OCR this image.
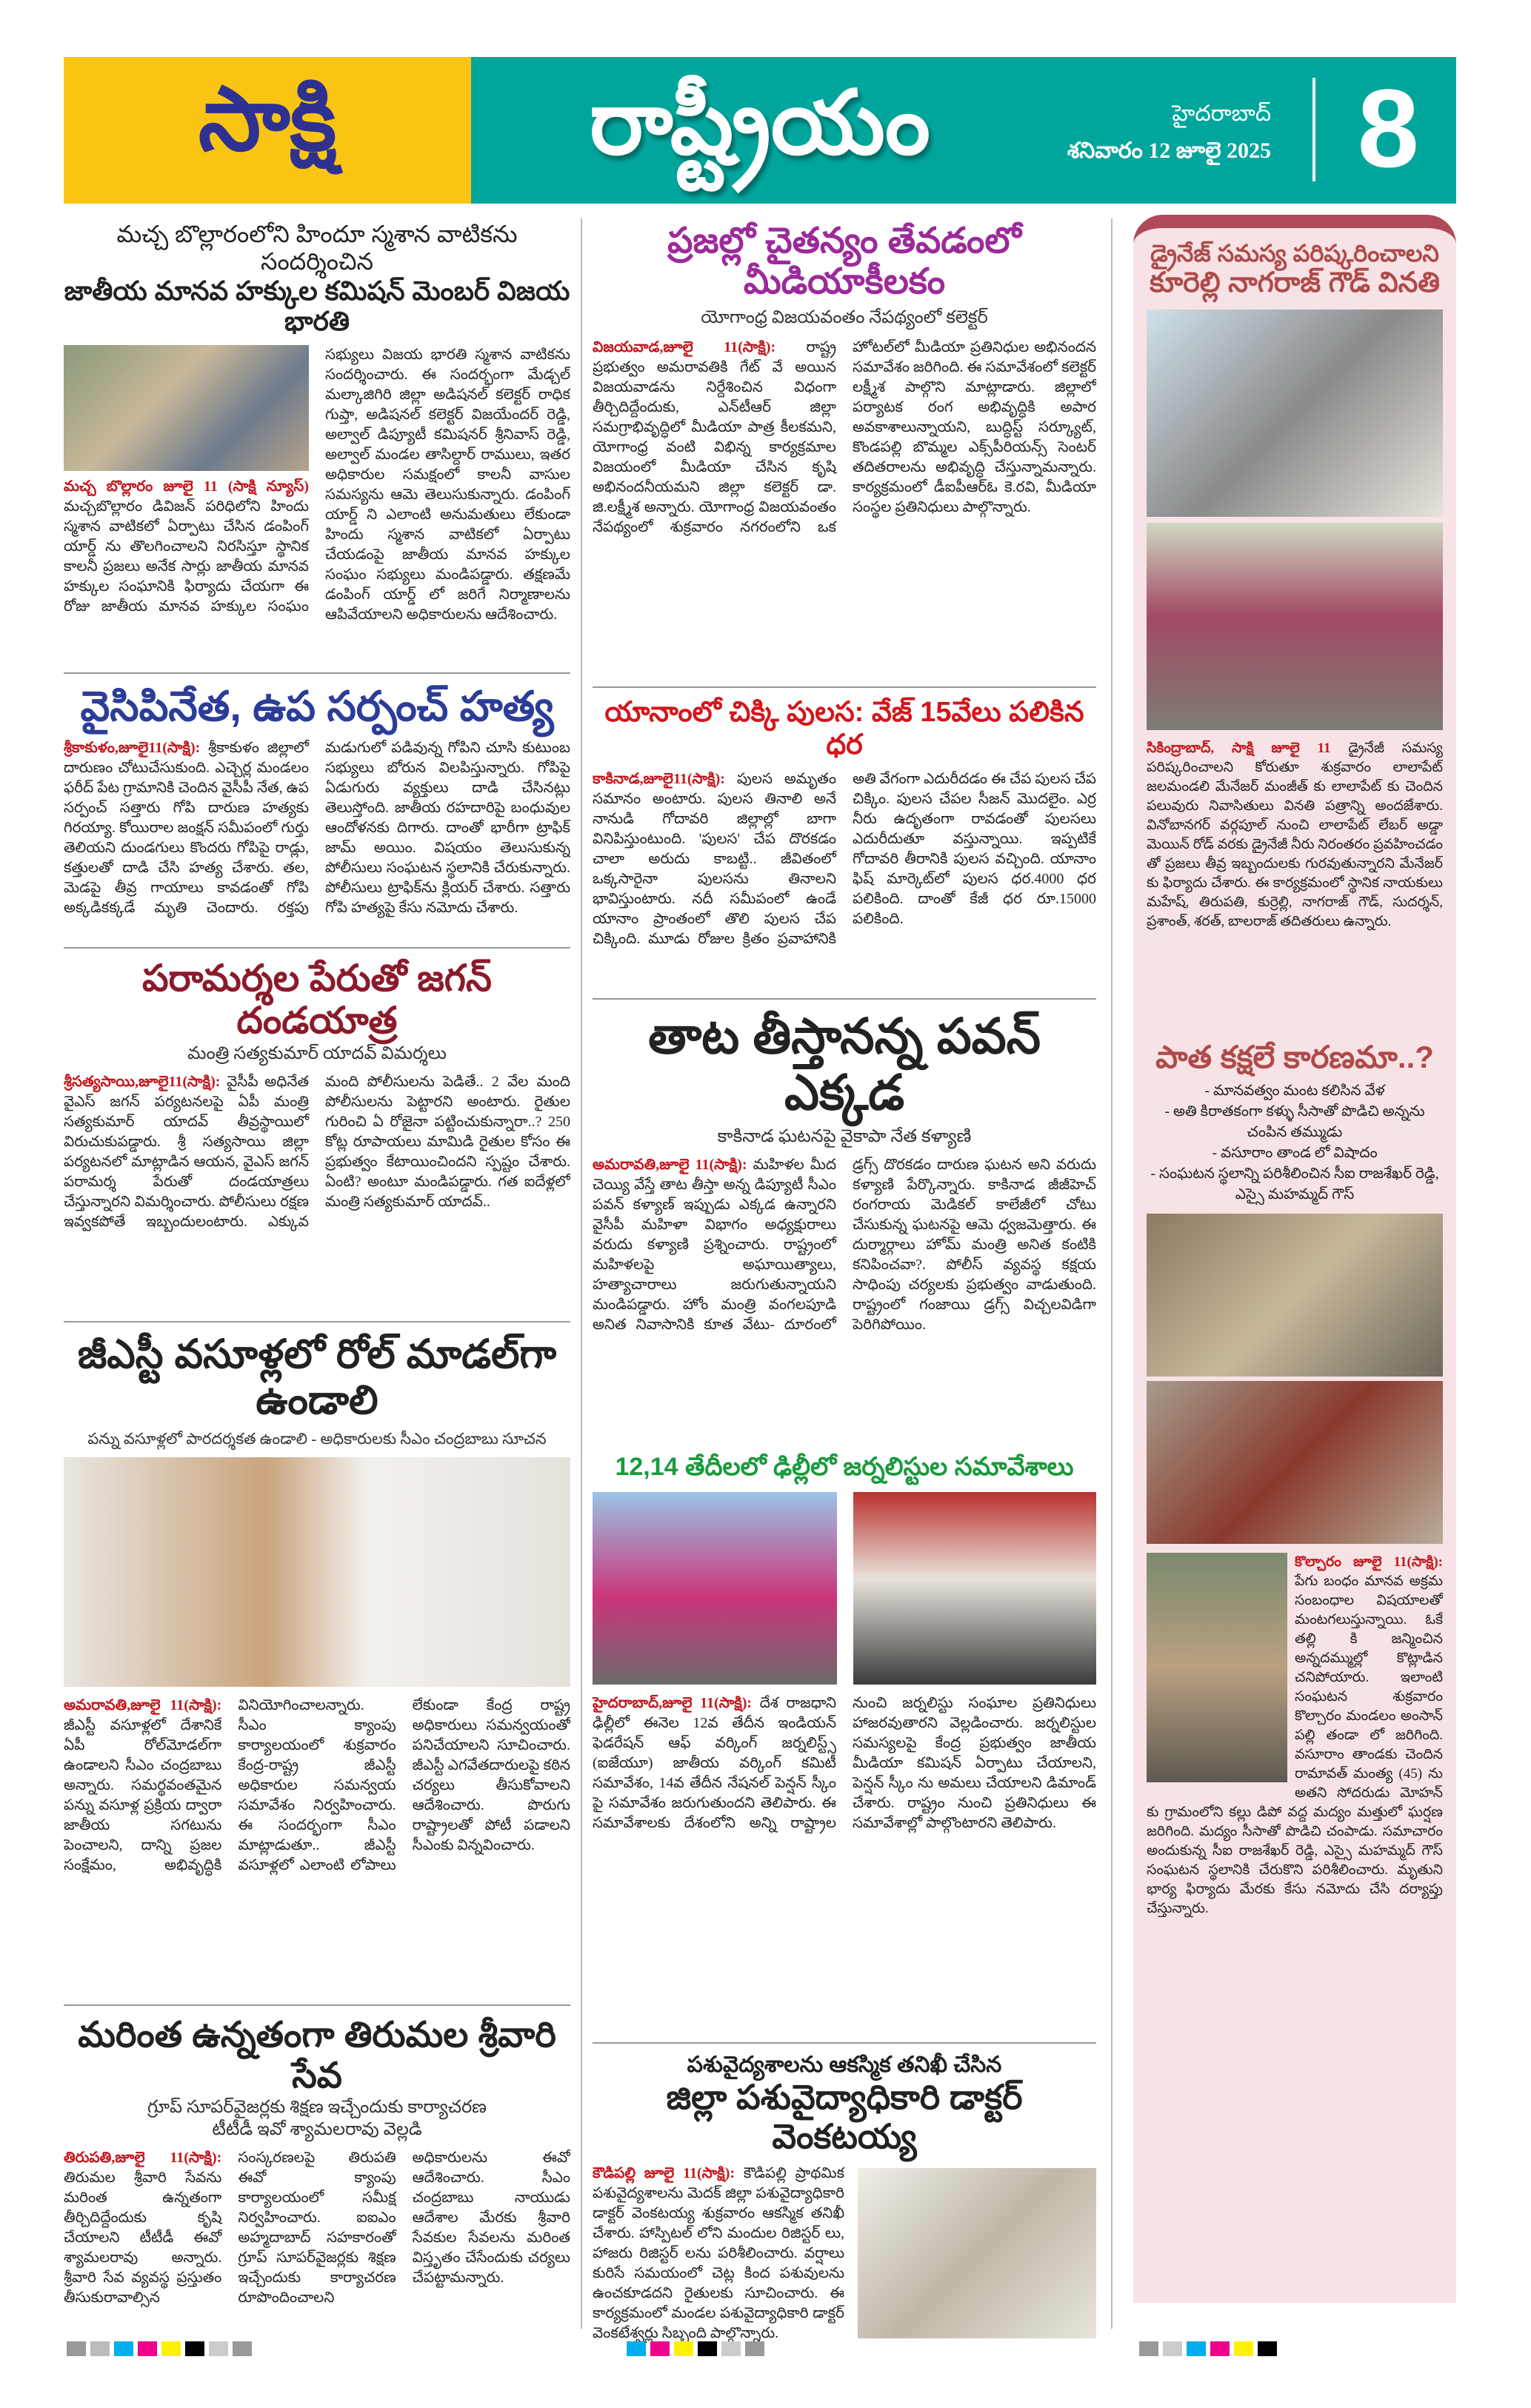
సాక్షి	రాష్ట్రీయం	హైదరాబాద్
శనివారం 12 జూలై 2025 8
మచ్చ బొల్లారంలోని హిందూ స్మశాన వాటికను సందర్శించిన
జాతీయ మానవ హక్కుల కమిషన్ మెంబర్ విజయ భారతి
మచ్చ బొల్లారం జూలై 11 (సాక్షి న్యూస్) మచ్చబొల్లారం డివిజన్ పరిధిలోని హిందు స్మశాన వాటికలో ఏర్పాటు చేసిన డంపింగ్ యార్డ్ ను తొలగించాలని నిరసిస్తూ స్థానిక కాలనీ ప్రజలు అనేక సార్లు జాతీయ మానవ హక్కుల సంఘానికి ఫిర్యాదు చేయగా ఈ రోజు జాతీయ మానవ హక్కుల సంఘం సభ్యులు విజయ భారతి స్మశాన వాటికను సందర్శించారు. ఈ సందర్భంగా మేడ్చల్ మల్కాజిగిరి జిల్లా అడిషనల్ కలెక్టర్ రాధిక గుప్తా, అడిషనల్ కలెక్టర్ విజయేందర్ రెడ్డి, అల్వాల్ డిప్యూటీ కమిషనర్ శ్రీనివాస్ రెడ్డి, అల్వాల్ మండల తాసిల్దార్ రాములు, ఇతర అధికారుల సమక్షంలో కాలనీ వాసుల సమస్యను ఆమె తెలుసుకున్నారు. డంపింగ్ యార్డ్ ని ఎలాంటి అనుమతులు లేకుండా హిందు స్మశాన వాటికలో ఏర్పాటు చేయడంపై జాతీయ మానవ హక్కుల సంఘం సభ్యులు మండిపడ్డారు. తక్షణమే డంపింగ్ యార్డ్ లో జరిగే నిర్మాణాలను ఆపివేయాలని అధికారులను ఆదేశించారు.
వైసిపినేత, ఉప సర్పంచ్ హత్య
శ్రీకాకుళం,జూలై11(సాక్షి): శ్రీకాకుళం జిల్లాలో దారుణం చోటుచేసుకుంది. ఎచ్చెర్ల మండలం ఫరీద్ పేట గ్రామానికి చెందిన వైసీపీ నేత, ఉప సర్పంచ్ సత్తారు గోపి దారుణ హత్యకు గిరయ్యా. కోయిరాల జంక్షన్ సమీపంలో గుర్తు తెలియని దుండగులు కొందరు గోపిపై రాడ్లు, కత్తులతో దాడి చేసి హత్య చేశారు. తల, మెడపై తీవ్ర గాయాలు కావడంతో గోపి అక్కడికక్కడే మృతి చెందారు. రక్తపు మడుగులో పడివున్న గోపిని చూసి కుటుంబ సభ్యులు బోరున విలపిస్తున్నారు. గోపిపై ఏడుగురు వ్యక్తులు దాడి చేసినట్లు తెలుస్తోంది. జాతీయ రహదారిపై బంధువుల ఆందోళనకు దిగారు. దాంతో భారీగా ట్రాఫిక్ జామ్ అయిం. విషయం తెలుసుకున్న పోలీసులు సంఘటన స్థలానికి చేరుకున్నారు. పోలీసులు ట్రాఫిక్‌ను క్లియర్ చేశారు. సత్తారు గోపి హత్యపై కేసు నమోదు చేశారు.
పరామర్శల పేరుతో జగన్ దండయాత్ర
మంత్రి సత్యకుమార్ యాదవ్ విమర్శలు
శ్రీసత్యసాయి,జూలై11(సాక్షి): వైసీపీ అధినేత వైఎస్ జగన్ పర్యటనలపై ఏపీ మంత్రి సత్యకుమార్ యాదవ్ తీవ్రస్థాయిలో విరుచుకుపడ్డారు. శ్రీ సత్యసాయి జిల్లా పర్యటనలో మాట్లాడిన ఆయన, వైఎస్ జగన్ పరామర్శ పేరుతో దండయాత్రలు చేస్తున్నారని విమర్శించారు. పోలీసులు రక్షణ ఇవ్వకపోతే ఇబ్బందులంటారు. ఎక్కువ మంది పోలీసులను పెడితే.. 2 వేల మంది పోలీసులను పెట్టారని అంటారు. రైతుల గురించి ఏ రోజైనా పట్టించుకున్నారా..? 250 కోట్ల రూపాయలు మామిడి రైతుల కోసం ఈ ప్రభుత్వం కేటాయించిందని స్పష్టం చేశారు. ఏంటి? అంటూ మండిపడ్డారు. గత ఐదేళ్లలో మంత్రి సత్యకుమార్ యాదవ్..
జీఎస్టీ వసూళ్లలో రోల్ మాడల్‌గా ఉండాలి
పన్ను వసూళ్లలో పారదర్శకత ఉండాలి - అధికారులకు సీఎం చంద్రబాబు సూచన
అమరావతి,జూలై 11(సాక్షి): జీఎస్టీ వసూళ్లలో దేశానికే ఏపీ రోల్‌మోడల్‌గా ఉండాలని సీఎం చంద్రబాబు అన్నారు. సమర్థవంతమైన పన్ను వసూళ్ల ప్రక్రియ ద్వారా జాతీయ సగటును పెంచాలని, దాన్ని ప్రజల సంక్షేమం, అభివృద్ధికి వినియోగించాలన్నారు. సీఎం క్యాంపు కార్యాలయంలో శుక్రవారం కేంద్ర-రాష్ట్ర జీఎస్టీ అధికారుల సమన్వయ సమావేశం నిర్వహించారు. ఈ సందర్భంగా సీఎం మాట్లాడుతూ.. జీఎస్టీ వసూళ్లలో ఎలాంటి లోపాలు లేకుండా కేంద్ర రాష్ట్ర అధికారులు సమన్వయంతో పనిచేయాలని సూచించారు. జీఎస్టీ ఎగవేతదారులపై కఠిన చర్యలు తీసుకోవాలని ఆదేశించారు. పొరుగు రాష్ట్రాలతో పోటీ పడాలని సీఎంకు విన్నవించారు.
మరింత ఉన్నతంగా తిరుమల శ్రీవారి సేవ
గ్రూప్ సూపర్‌వైజర్లకు శిక్షణ ఇచ్చేందుకు కార్యాచరణ
టీటీడీ ఇవో శ్యామలరావు వెల్లడి
తిరుపతి,జూలై 11(సాక్షి): తిరుమల శ్రీవారి సేవను మరింత ఉన్నతంగా తీర్చిదిద్దేందుకు కృషి చేయాలని టీటీడీ ఈవో శ్యామలరావు అన్నారు. శ్రీవారి సేవ వ్యవస్థ ప్రస్తుతం తీసుకురావాల్సిన సంస్కరణలపై తిరుపతి ఈవో క్యాంపు కార్యాలయంలో సమీక్ష నిర్వహించారు. ఐఐఎం అహ్మదాబాద్ సహకారంతో గ్రూప్ సూపర్‌వైజర్లకు శిక్షణ ఇచ్చేందుకు కార్యాచరణ రూపొందించాలని అధికారులను ఈవో ఆదేశించారు. సీఎం చంద్రబాబు నాయుడు ఆదేశాల మేరకు శ్రీవారి సేవకుల సేవలను మరింత విస్తృతం చేసేందుకు చర్యలు చేపట్టామన్నారు.
ప్రజల్లో చైతన్యం తేవడంలో మీడియాకీలకం
యోగాంధ్ర విజయవంతం నేపథ్యంలో కలెక్టర్
విజయవాడ,జూలై 11(సాక్షి): రాష్ట్ర ప్రభుత్వం అమరావతికి గేట్ వే అయిన విజయవాడను నిర్దేశించిన విధంగా తీర్చిదిద్దేందుకు, ఎన్‌టీఆర్ జిల్లా సమగ్రాభివృద్ధిలో మీడియా పాత్ర కీలకమని, యోగాంధ్ర వంటి విభిన్న కార్యక్రమాల విజయంలో మీడియా చేసిన కృషి అభినందనీయమని జిల్లా కలెక్టర్ డా. జి.లక్ష్మీశ అన్నారు. యోగాంధ్ర విజయవంతం నేపథ్యంలో శుక్రవారం నగరంలోని ఒక హోటల్‌లో మీడియా ప్రతినిధుల అభినందన సమావేశం జరిగింది. ఈ సమావేశంలో కలెక్టర్ లక్ష్మీశ పాల్గొని మాట్లాడారు. జిల్లాలో పర్యాటక రంగ అభివృద్ధికి అపార అవకాశాలున్నాయని, బుద్ధిస్ట్ సర్క్యూట్, కొండపల్లి బొమ్మల ఎక్స్‌పీరియన్స్ సెంటర్ తదితరాలను అభివృద్ధి చేస్తున్నామన్నారు. కార్యక్రమంలో డీఐపీఆర్‌ఓ కె.రవి, మీడియా సంస్థల ప్రతినిధులు పాల్గొన్నారు.
యానాంలో చిక్కి పులస: వేజ్ 15వేలు పలికిన ధర
కాకినాడ,జూలై11(సాక్షి): పులస అమృతం సమానం అంటారు. పులస తినాలి అనే నానుడి గోదావరి జిల్లాల్లో బాగా వినిపిస్తుంటుంది. 'పులస' చేప దొరకడం చాలా అరుదు కాబట్టి.. జీవితంలో ఒక్కసారైనా పులసను తినాలని భావిస్తుంటారు. నదీ సమీపంలో ఉండే యానాం ప్రాంతంలో తొలి పులస చేప చిక్కింది. మూడు రోజుల క్రితం ప్రవాహానికి అతి వేగంగా ఎదురీదడం ఈ చేప పులస చేప చిక్కిం. పులస చేపల సీజన్ మొదలైం. ఎర్ర నీరు ఉదృతంగా రావడంతో పులసలు ఎదురీదుతూ వస్తున్నాయి. ఇప్పటికే గోదావరి తీరానికి పులస వచ్చింది. యానాం ఫిష్ మార్కెట్‌లో పులస ధర.4000 ధర పలికింది. దాంతో కేజీ ధర రూ.15000 పలికింది.
తాట తీస్తానన్న పవన్ ఎక్కడ
కాకినాడ ఘటనపై వైకాపా నేత కళ్యాణి
అమరావతి,జూలై 11(సాక్షి): మహిళల మీద చెయ్యి వేస్తే తాట తీస్తా అన్న డిప్యూటీ సీఎం పవన్ కళ్యాణ్ ఇప్పుడు ఎక్కడ ఉన్నారని వైసీపీ మహిళా విభాగం అధ్యక్షురాలు వరుదు కళ్యాణి ప్రశ్నించారు. రాష్ట్రంలో మహిళలపై అఘాయిత్యాలు, హత్యాచారాలు జరుగుతున్నాయని మండిపడ్డారు. హోం మంత్రి వంగలపూడి అనిత నివాసానికి కూత వేటు- దూరంలో డ్రగ్స్ దొరకడం దారుణ ఘటన అని వరుదు కళ్యాణి పేర్కొన్నారు. కాకినాడ జీజీహెచ్ రంగరాయ మెడికల్ కాలేజీలో చోటు చేసుకున్న ఘటనపై ఆమె ధ్వజమెత్తారు. ఈ దుర్మార్గాలు హోమ్ మంత్రి అనిత కంటికి కనిపించవా?. పోలీస్ వ్యవస్థ కక్షయ సాధింపు చర్యలకు ప్రభుత్వం వాడుతుంది. రాష్ట్రంలో గంజాయి డ్రగ్స్ విచ్చలవిడిగా పెరిగిపోయిం.
12,14 తేదీలలో ఢిల్లీలో జర్నలిస్టుల సమావేశాలు
హైదరాబాద్,జూలై 11(సాక్షి): దేశ రాజధాని ఢిల్లీలో ఈనెల 12వ తేదీన ఇండియన్ ఫెడరేషన్ ఆఫ్ వర్కింగ్ జర్నలిస్ట్స్ (ఐజేయూ) జాతీయ వర్కింగ్ కమిటీ సమావేశం, 14వ తేదీన నేషనల్ పెన్షన్ స్కీం పై సమావేశం జరుగుతుందని తెలిపారు. ఈ సమావేశాలకు దేశంలోని అన్ని రాష్ట్రాల నుంచి జర్నలిస్టు సంఘాల ప్రతినిధులు హాజరవుతారని వెల్లడించారు. జర్నలిస్టుల సమస్యలపై కేంద్ర ప్రభుత్వం జాతీయ మీడియా కమిషన్ ఏర్పాటు చేయాలని, పెన్షన్ స్కీం ను అమలు చేయాలని డిమాండ్ చేశారు. రాష్ట్రం నుంచి ప్రతినిధులు ఈ సమావేశాల్లో పాల్గొంటారని తెలిపారు.
పశువైద్యశాలను ఆకస్మిక తనిఖీ చేసిన
జిల్లా పశువైద్యాధికారి డాక్టర్ వెంకటయ్య
కౌడిపల్లి జూలై 11(సాక్షి): కౌడిపల్లి ప్రాథమిక పశువైద్యశాలను మెదక్ జిల్లా పశువైద్యాధికారి డాక్టర్ వెంకటయ్య శుక్రవారం ఆకస్మిక తనిఖీ చేశారు. హాస్పిటల్ లోని మందుల రిజిస్టర్ లు, హాజరు రిజిస్టర్ లను పరిశీలించారు. వర్షాలు కురిసే సమయంలో చెట్ల కింద పశువులను ఉంచకూడదని రైతులకు సూచించారు. ఈ కార్యక్రమంలో మండల పశువైద్యాధికారి డాక్టర్ వెంకటేశ్వర్లు సిబ్బంది పాల్గొన్నారు.
డ్రైనేజ్ సమస్య పరిష్కరించాలని
కూరెల్లి నాగరాజ్ గౌడ్ వినతి
సికింద్రాబాద్, సాక్షి జూలై 11 డ్రైనేజీ సమస్య పరిష్కరించాలని కోరుతూ శుక్రవారం లాలాపేట్ జలమండలి మేనేజర్ మంజీత్ కు లాలాపేట్ కు చెందిన పలువురు నివాసితులు వినతి పత్రాన్ని అందజేశారు. వినోబానగర్ వర్గపూల్ నుంచి లాలాపేట్ లేబర్ అడ్డా మెయిన్ రోడ్ వరకు డ్రైనేజీ నీరు నిరంతరం ప్రవహించడం తో ప్రజలు తీవ్ర ఇబ్బందులకు గురవుతున్నారని మేనేజర్ కు ఫిర్యాదు చేశారు. ఈ కార్యక్రమంలో స్థానిక నాయకులు మహేష్, తిరుపతి, కుర్రెల్లి, నాగరాజ్ గౌడ్, సుదర్శన్, ప్రశాంత్, శరత్, బాలరాజ్ తదితరులు ఉన్నారు.
పాత కక్షలే కారణమా..?
- మానవత్వం మంట కలిసిన వేళ
- అతి కిరాతకంగా కళ్ళు సీసాతో పొడిచి అన్నను చంపిన తమ్ముడు
- వసూరాం తాండ లో విషాదం
- సంఘటన స్థలాన్ని పరిశీలించిన సీఐ రాజశేఖర్ రెడ్డి, ఎస్సై మహమ్మద్ గౌస్
కొల్చారం జూలై 11(సాక్షి): పేగు బంధం మానవ అక్రమ సంబంధాల విషయాలతో మంటగలుస్తున్నాయి. ఓకే తల్లి కి జన్మించిన అన్నదమ్ముల్లో కొట్లాడిన చనిపోయారు. ఇలాంటి సంఘటన శుక్రవారం కొల్చారం మండలం అంసాన్ పల్లి తండా లో జరిగింది. వసూరాం తాండకు చెందిన రామావత్ మంత్య (45) ను అతని సోదరుడు మోహన్ కు గ్రామంలోని కల్లు డిపో వద్ద మద్యం మత్తులో ఘర్షణ జరిగింది. మద్యం సీసాతో పొడిచి చంపాడు. సమాచారం అందుకున్న సీఐ రాజశేఖర్ రెడ్డి, ఎస్సై మహమ్మద్ గౌస్ సంఘటన స్థలానికి చేరుకొని పరిశీలించారు. మృతుని భార్య ఫిర్యాదు మేరకు కేసు నమోదు చేసి దర్యాప్తు చేస్తున్నారు.
